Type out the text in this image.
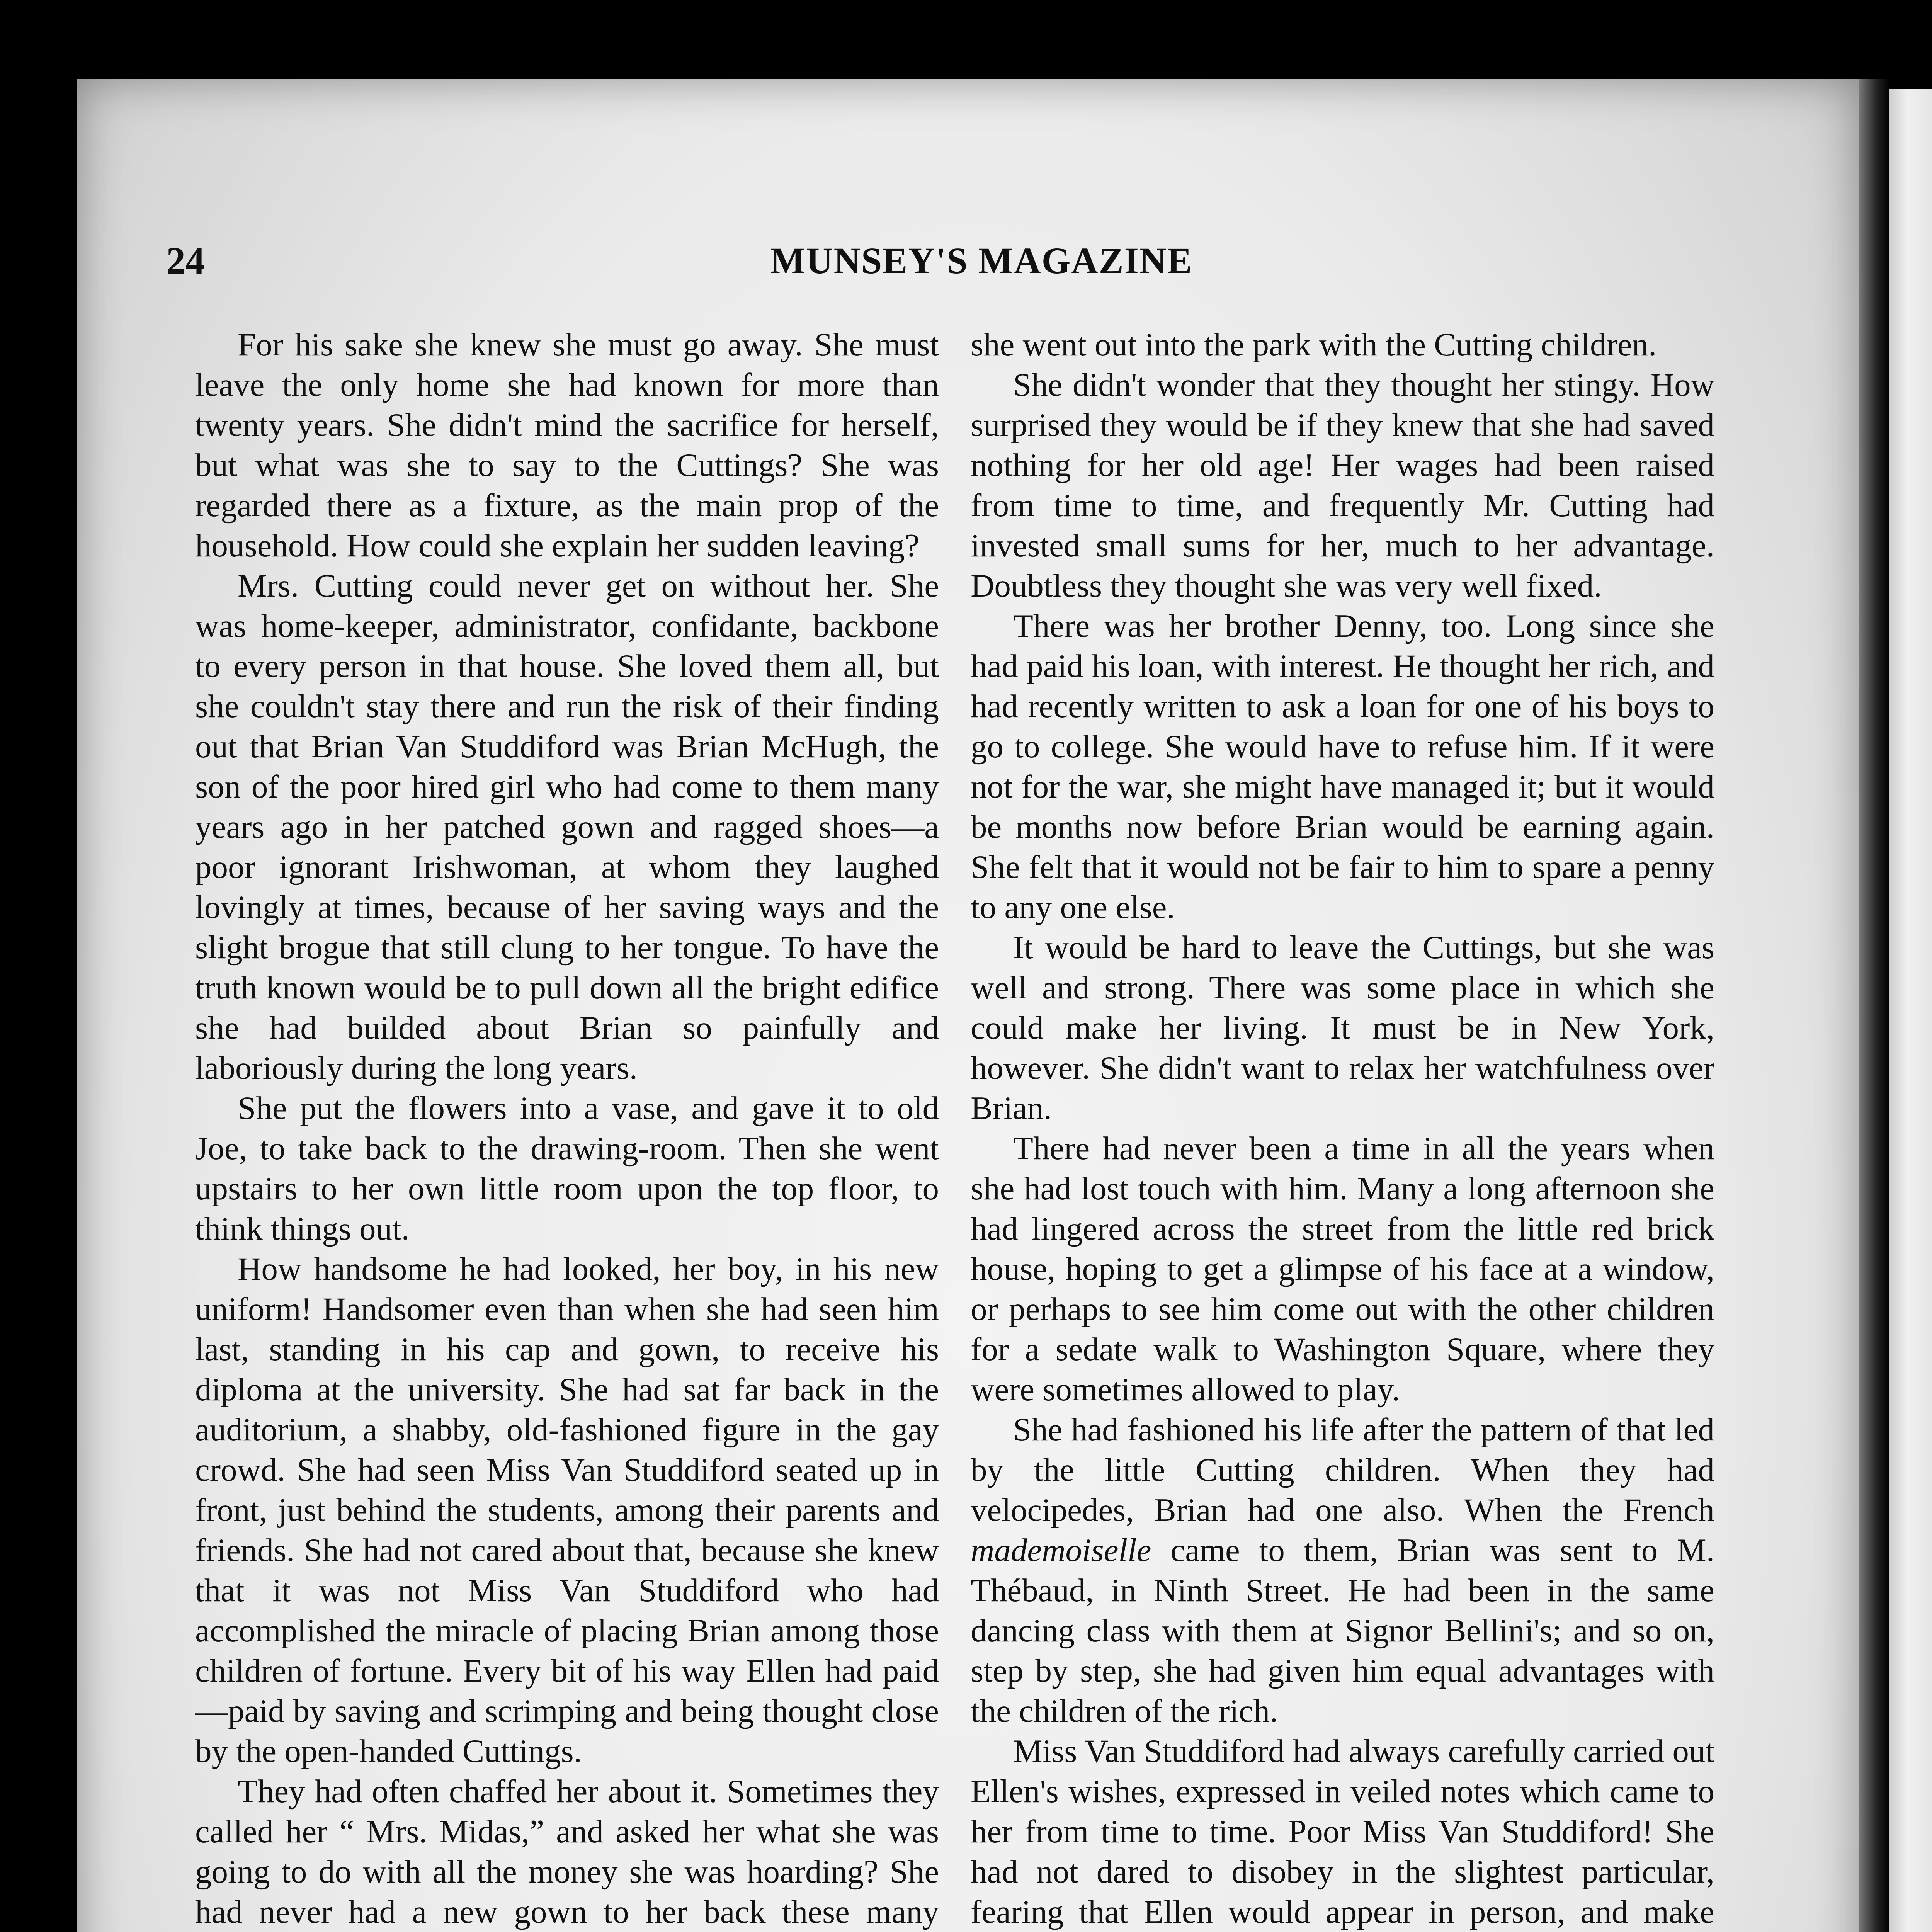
24	MUNSEY'S MAGAZINE

For his sake she knew she must go away. She must leave the only home she had known for more than twenty years. She didn't mind the sacrifice for herself, but what was she to say to the Cuttings? She was regarded there as a fixture, as the main prop of the household. How could she explain her sudden leaving?

Mrs. Cutting could never get on without her. She was home-keeper, administrator, confidante, backbone to every person in that house. She loved them all, but she couldn't stay there and run the risk of their finding out that Brian Van Studdiford was Brian McHugh, the son of the poor hired girl who had come to them many years ago in her patched gown and ragged shoes—a poor ignorant Irishwoman, at whom they laughed lovingly at times, because of her saving ways and the slight brogue that still clung to her tongue. To have the truth known would be to pull down all the bright edifice she had builded about Brian so painfully and laboriously during the long years.

She put the flowers into a vase, and gave it to old Joe, to take back to the drawing-room. Then she went upstairs to her own little room upon the top floor, to think things out.

How handsome he had looked, her boy, in his new uniform! Handsomer even than when she had seen him last, standing in his cap and gown, to receive his diploma at the university. She had sat far back in the auditorium, a shabby, old-fashioned figure in the gay crowd. She had seen Miss Van Studdiford seated up in front, just behind the students, among their parents and friends. She had not cared about that, because she knew that it was not Miss Van Studdiford who had accomplished the miracle of placing Brian among those children of fortune. Every bit of his way Ellen had paid—paid by saving and scrimping and being thought close by the open-handed Cuttings.

They had often chaffed her about it. Sometimes they called her “ Mrs. Midas,” and asked her what she was going to do with all the money she was hoarding? She had never had a new gown to her back these many

she went out into the park with the Cutting children.

She didn't wonder that they thought her stingy. How surprised they would be if they knew that she had saved nothing for her old age! Her wages had been raised from time to time, and frequently Mr. Cutting had invested small sums for her, much to her advantage. Doubtless they thought she was very well fixed.

There was her brother Denny, too. Long since she had paid his loan, with interest. He thought her rich, and had recently written to ask a loan for one of his boys to go to college. She would have to refuse him. If it were not for the war, she might have managed it; but it would be months now before Brian would be earning again. She felt that it would not be fair to him to spare a penny to any one else.

It would be hard to leave the Cuttings, but she was well and strong. There was some place in which she could make her living. It must be in New York, however. She didn't want to relax her watchfulness over Brian.

There had never been a time in all the years when she had lost touch with him. Many a long afternoon she had lingered across the street from the little red brick house, hoping to get a glimpse of his face at a window, or perhaps to see him come out with the other children for a sedate walk to Washington Square, where they were sometimes allowed to play.

She had fashioned his life after the pattern of that led by the little Cutting children. When they had velocipedes, Brian had one also. When the French mademoiselle came to them, Brian was sent to M. Thébaud, in Ninth Street. He had been in the same dancing class with them at Signor Bellini's; and so on, step by step, she had given him equal advantages with the children of the rich.

Miss Van Studdiford had always carefully carried out Ellen's wishes, expressed in veiled notes which came to her from time to time. Poor Miss Van Studdiford! She had not dared to disobey in the slightest particular, fearing that Ellen would appear in person, and make
